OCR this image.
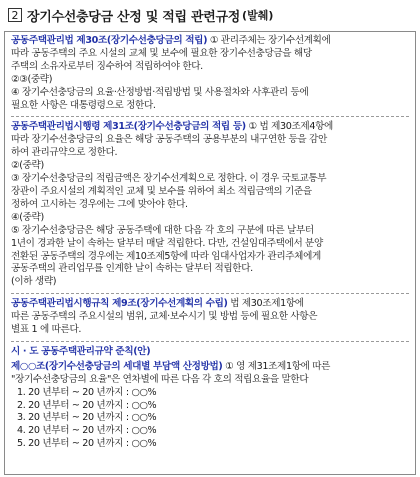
2 장기수선충당금 산정 및 적립 관련규정 (발췌)

공동주택관리법 제30조(장기수선충당금의 적립) ① 관리주체는 장기수선계획에

따라 공동주택의 주요 시설의 교체 및 보수에 필요한 장기수선충당금을 해당

주택의 소유자로부터 징수하여 적립하여야 한다.

②③(중략)

④ 장기수선충당금의 요율·산정방법·적립방법 및 사용절차와 사후관리 등에

필요한 사항은 대통령령으로 정한다.

공동주택관리법시행령 제31조(장기수선충당금의 적립 등) ① 법 제30조제4항에

따라 장기수선충당금의 요율은 해당 공동주택의 공용부분의 내구연한 등을 감안

하여 관리규약으로 정한다.

②(중략)

③ 장기수선충당금의 적립금액은 장기수선계획으로 정한다. 이 경우 국토교통부

장관이 주요시설의 계획적인 교체 및 보수를 위하여 최소 적립금액의 기준을

정하여 고시하는 경우에는 그에 맞아야 한다.

④(중략)

⑤ 장기수선충당금은 해당 공동주택에 대한 다음 각 호의 구분에 따른 날부터

1년이 경과한 날이 속하는 달부터 매달 적립한다. 다만, 건설임대주택에서 분양

전환된 공동주택의 경우에는 제10조제5항에 따라 임대사업자가 관리주체에게

공동주택의 관리업무를 인계한 날이 속하는 달부터 적립한다.

(이하 생략)

공동주택관리법시행규칙 제9조(장기수선계획의 수립) 법 제30조제1항에

따른 공동주택의 주요시설의 범위, 교체·보수시기 및 방법 등에 필요한 사항은

별표 1 에 따른다.

시 · 도 공동주택관리규약 준칙(안)

제○○조(장기수선충당금의 세대별 부담액 산정방법) ① 영 제31조제1항에 따른

"장기수선충당금의 요율"은 연차별에 따른 다음 각 호의 적립요율을 말한다

1. 20 년부터 ~ 20 년까지 : ○○%

2. 20 년부터 ~ 20 년까지 : ○○%

3. 20 년부터 ~ 20 년까지 : ○○%

4. 20 년부터 ~ 20 년까지 : ○○%

5. 20 년부터 ~ 20 년까지 : ○○%
